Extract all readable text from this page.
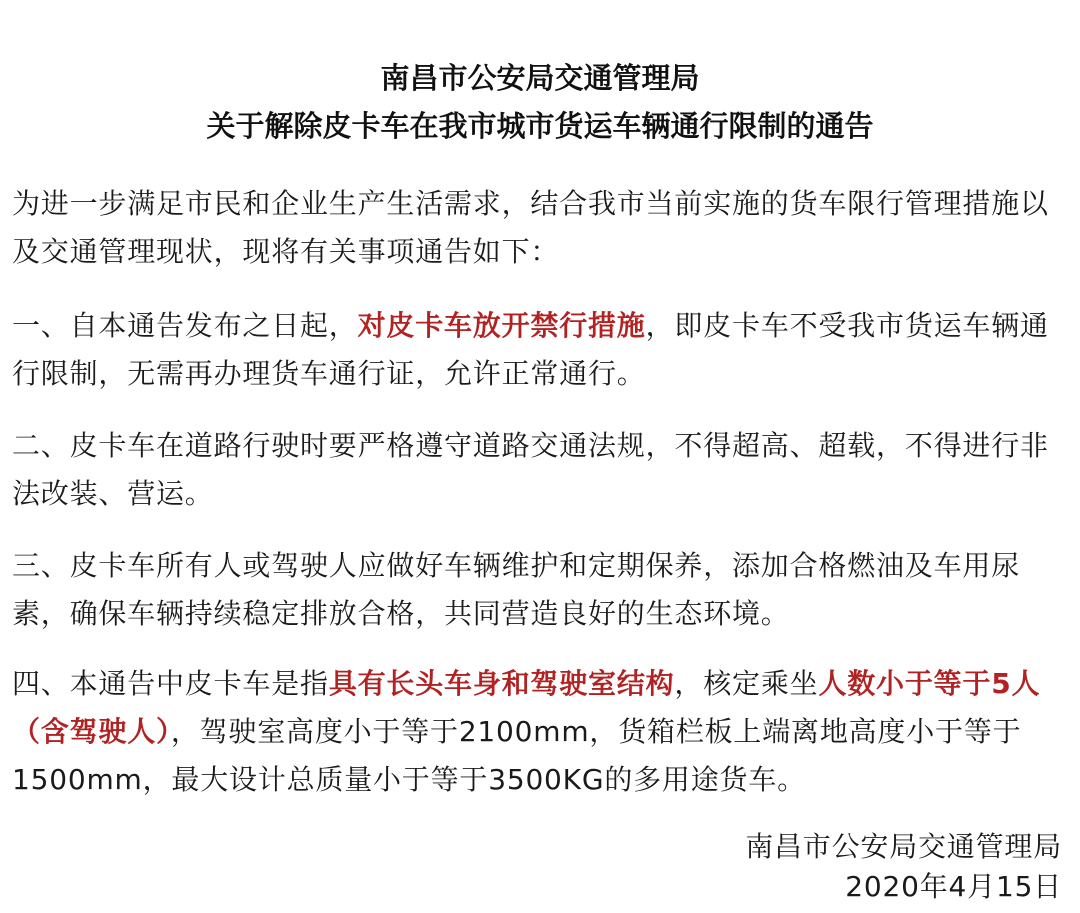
南昌市公安局交通管理局
关于解除皮卡车在我市城市货运车辆通行限制的通告
为进一步满足市民和企业生产生活需求，结合我市当前实施的货车限行管理措施以及交通管理现状，现将有关事项通告如下：
一、自本通告发布之日起，对皮卡车放开禁行措施，即皮卡车不受我市货运车辆通行限制，无需再办理货车通行证，允许正常通行。
二、皮卡车在道路行驶时要严格遵守道路交通法规，不得超高、超载，不得进行非法改装、营运。
三、皮卡车所有人或驾驶人应做好车辆维护和定期保养，添加合格燃油及车用尿素，确保车辆持续稳定排放合格，共同营造良好的生态环境。
四、本通告中皮卡车是指具有长头车身和驾驶室结构，核定乘坐人数小于等于5人（含驾驶人），驾驶室高度小于等于2100mm，货箱栏板上端离地高度小于等于1500mm，最大设计总质量小于等于3500KG的多用途货车。
南昌市公安局交通管理局
2020年4月15日
